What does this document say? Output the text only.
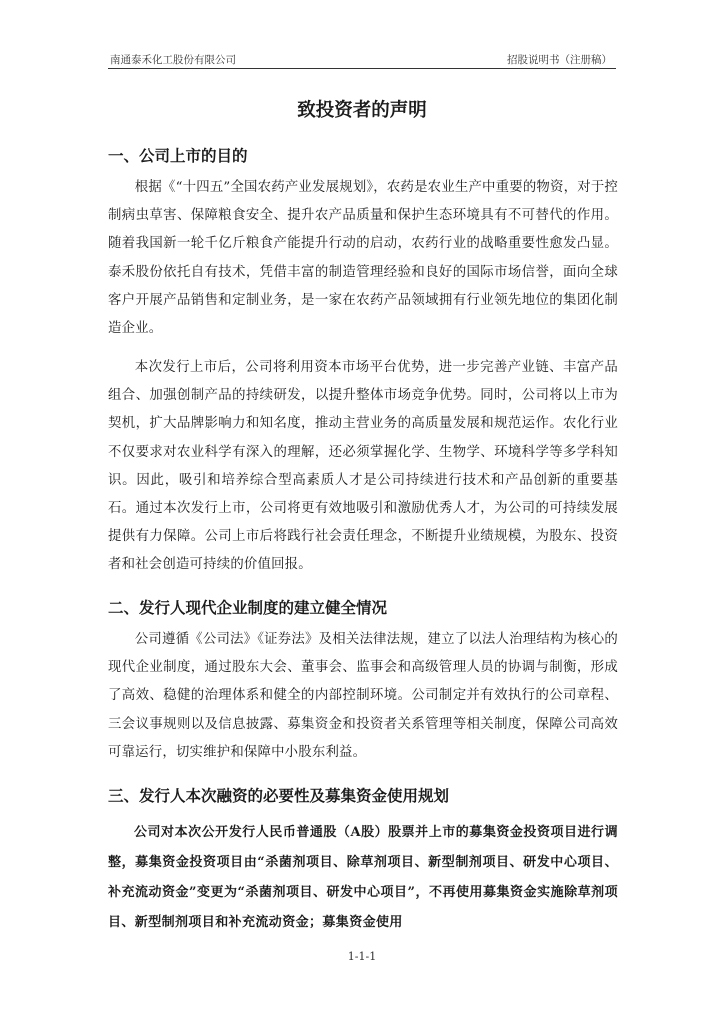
南通泰禾化工股份有限公司	招股说明书（注册稿）
致投资者的声明
一、公司上市的目的
根据《“十四五”全国农药产业发展规划》，农药是农业生产中重要的物资，对于控制病虫草害、保障粮食安全、提升农产品质量和保护生态环境具有不可替代的作用。随着我国新一轮千亿斤粮食产能提升行动的启动，农药行业的战略重要性愈发凸显。泰禾股份依托自有技术，凭借丰富的制造管理经验和良好的国际市场信誉，面向全球客户开展产品销售和定制业务，是一家在农药产品领域拥有行业领先地位的集团化制造企业。
本次发行上市后，公司将利用资本市场平台优势，进一步完善产业链、丰富产品组合、加强创制产品的持续研发，以提升整体市场竞争优势。同时，公司将以上市为契机，扩大品牌影响力和知名度，推动主营业务的高质量发展和规范运作。农化行业不仅要求对农业科学有深入的理解，还必须掌握化学、生物学、环境科学等多学科知识。因此，吸引和培养综合型高素质人才是公司持续进行技术和产品创新的重要基石。通过本次发行上市，公司将更有效地吸引和激励优秀人才，为公司的可持续发展提供有力保障。公司上市后将践行社会责任理念，不断提升业绩规模，为股东、投资者和社会创造可持续的价值回报。
二、发行人现代企业制度的建立健全情况
公司遵循《公司法》《证券法》及相关法律法规，建立了以法人治理结构为核心的现代企业制度，通过股东大会、董事会、监事会和高级管理人员的协调与制衡，形成了高效、稳健的治理体系和健全的内部控制环境。公司制定并有效执行的公司章程、三会议事规则以及信息披露、募集资金和投资者关系管理等相关制度，保障公司高效可靠运行，切实维护和保障中小股东利益。
三、发行人本次融资的必要性及募集资金使用规划
公司对本次公开发行人民币普通股（A股）股票并上市的募集资金投资项目进行调整，募集资金投资项目由“杀菌剂项目、除草剂项目、新型制剂项目、研发中心项目、补充流动资金”变更为“杀菌剂项目、研发中心项目”，不再使用募集资金实施除草剂项目、新型制剂项目和补充流动资金；募集资金使用
1-1-1
